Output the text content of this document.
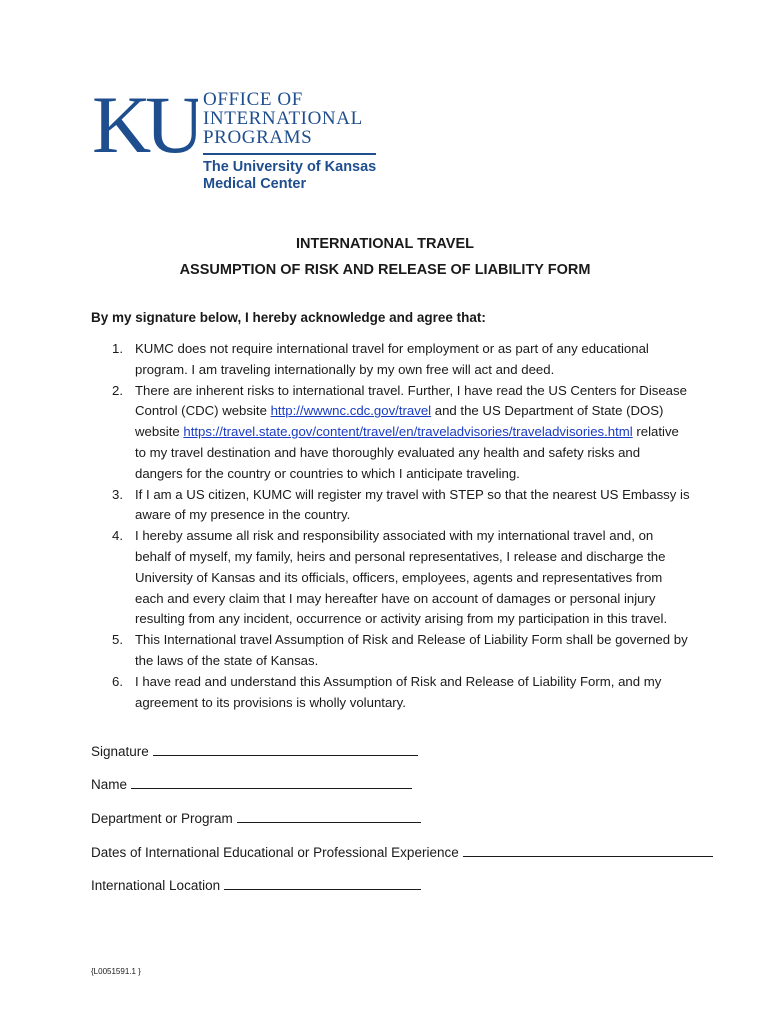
KU OFFICE OF
INTERNATIONAL
PROGRAMS
The University of Kansas
Medical Center
INTERNATIONAL TRAVEL
ASSUMPTION OF RISK AND RELEASE OF LIABILITY FORM
By my signature below, I hereby acknowledge and agree that:
1. KUMC does not require international travel for employment or as part of any educational program. I am traveling internationally by my own free will act and deed.
2. There are inherent risks to international travel. Further, I have read the US Centers for Disease Control (CDC) website http://wwwnc.cdc.gov/travel and the US Department of State (DOS) website https://travel.state.gov/content/travel/en/traveladvisories/traveladvisories.html relative to my travel destination and have thoroughly evaluated any health and safety risks and dangers for the country or countries to which I anticipate traveling.
3. If I am a US citizen, KUMC will register my travel with STEP so that the nearest US Embassy is aware of my presence in the country.
4. I hereby assume all risk and responsibility associated with my international travel and, on behalf of myself, my family, heirs and personal representatives, I release and discharge the University of Kansas and its officials, officers, employees, agents and representatives from each and every claim that I may hereafter have on account of damages or personal injury resulting from any incident, occurrence or activity arising from my participation in this travel.
5. This International travel Assumption of Risk and Release of Liability Form shall be governed by the laws of the state of Kansas.
6. I have read and understand this Assumption of Risk and Release of Liability Form, and my agreement to its provisions is wholly voluntary.
Signature
Name
Department or Program
Dates of International Educational or Professional Experience
International Location
{L0051591.1 }
